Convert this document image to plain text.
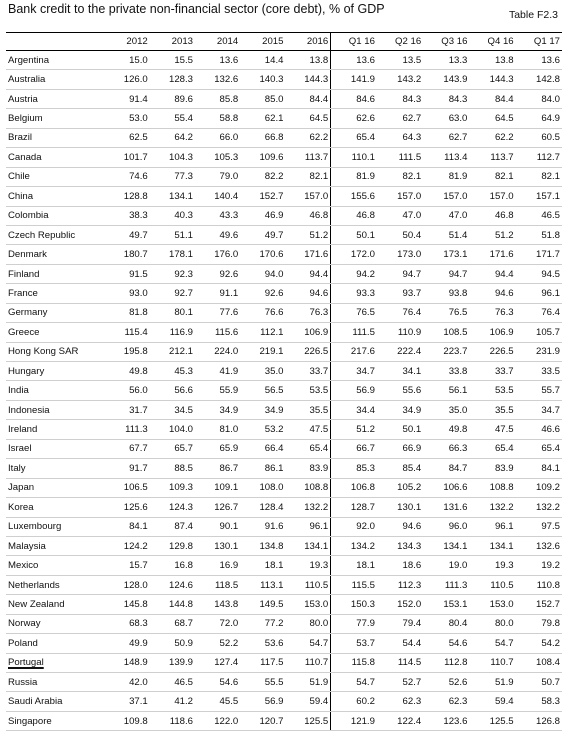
Bank credit to the private non-financial sector (core debt), % of GDP	Table F2.3
	2012	2013	2014	2015	2016	Q1 16	Q2 16	Q3 16	Q4 16	Q1 17
Argentina	15.0	15.5	13.6	14.4	13.8	13.6	13.5	13.3	13.8	13.6
Australia	126.0	128.3	132.6	140.3	144.3	141.9	143.2	143.9	144.3	142.8
Austria	91.4	89.6	85.8	85.0	84.4	84.6	84.3	84.3	84.4	84.0
Belgium	53.0	55.4	58.8	62.1	64.5	62.6	62.7	63.0	64.5	64.9
Brazil	62.5	64.2	66.0	66.8	62.2	65.4	64.3	62.7	62.2	60.5
Canada	101.7	104.3	105.3	109.6	113.7	110.1	111.5	113.4	113.7	112.7
Chile	74.6	77.3	79.0	82.2	82.1	81.9	82.1	81.9	82.1	82.1
China	128.8	134.1	140.4	152.7	157.0	155.6	157.0	157.0	157.0	157.1
Colombia	38.3	40.3	43.3	46.9	46.8	46.8	47.0	47.0	46.8	46.5
Czech Republic	49.7	51.1	49.6	49.7	51.2	50.1	50.4	51.4	51.2	51.8
Denmark	180.7	178.1	176.0	170.6	171.6	172.0	173.0	173.1	171.6	171.7
Finland	91.5	92.3	92.6	94.0	94.4	94.2	94.7	94.7	94.4	94.5
France	93.0	92.7	91.1	92.6	94.6	93.3	93.7	93.8	94.6	96.1
Germany	81.8	80.1	77.6	76.6	76.3	76.5	76.4	76.5	76.3	76.4
Greece	115.4	116.9	115.6	112.1	106.9	111.5	110.9	108.5	106.9	105.7
Hong Kong SAR	195.8	212.1	224.0	219.1	226.5	217.6	222.4	223.7	226.5	231.9
Hungary	49.8	45.3	41.9	35.0	33.7	34.7	34.1	33.8	33.7	33.5
India	56.0	56.6	55.9	56.5	53.5	56.9	55.6	56.1	53.5	55.7
Indonesia	31.7	34.5	34.9	34.9	35.5	34.4	34.9	35.0	35.5	34.7
Ireland	111.3	104.0	81.0	53.2	47.5	51.2	50.1	49.8	47.5	46.6
Israel	67.7	65.7	65.9	66.4	65.4	66.7	66.9	66.3	65.4	65.4
Italy	91.7	88.5	86.7	86.1	83.9	85.3	85.4	84.7	83.9	84.1
Japan	106.5	109.3	109.1	108.0	108.8	106.8	105.2	106.6	108.8	109.2
Korea	125.6	124.3	126.7	128.4	132.2	128.7	130.1	131.6	132.2	132.2
Luxembourg	84.1	87.4	90.1	91.6	96.1	92.0	94.6	96.0	96.1	97.5
Malaysia	124.2	129.8	130.1	134.8	134.1	134.2	134.3	134.1	134.1	132.6
Mexico	15.7	16.8	16.9	18.1	19.3	18.1	18.6	19.0	19.3	19.2
Netherlands	128.0	124.6	118.5	113.1	110.5	115.5	112.3	111.3	110.5	110.8
New Zealand	145.8	144.8	143.8	149.5	153.0	150.3	152.0	153.1	153.0	152.7
Norway	68.3	68.7	72.0	77.2	80.0	77.9	79.4	80.4	80.0	79.8
Poland	49.9	50.9	52.2	53.6	54.7	53.7	54.4	54.6	54.7	54.2
Portugal	148.9	139.9	127.4	117.5	110.7	115.8	114.5	112.8	110.7	108.4
Russia	42.0	46.5	54.6	55.5	51.9	54.7	52.7	52.6	51.9	50.7
Saudi Arabia	37.1	41.2	45.5	56.9	59.4	60.2	62.3	62.3	59.4	58.3
Singapore	109.8	118.6	122.0	120.7	125.5	121.9	122.4	123.6	125.5	126.8
